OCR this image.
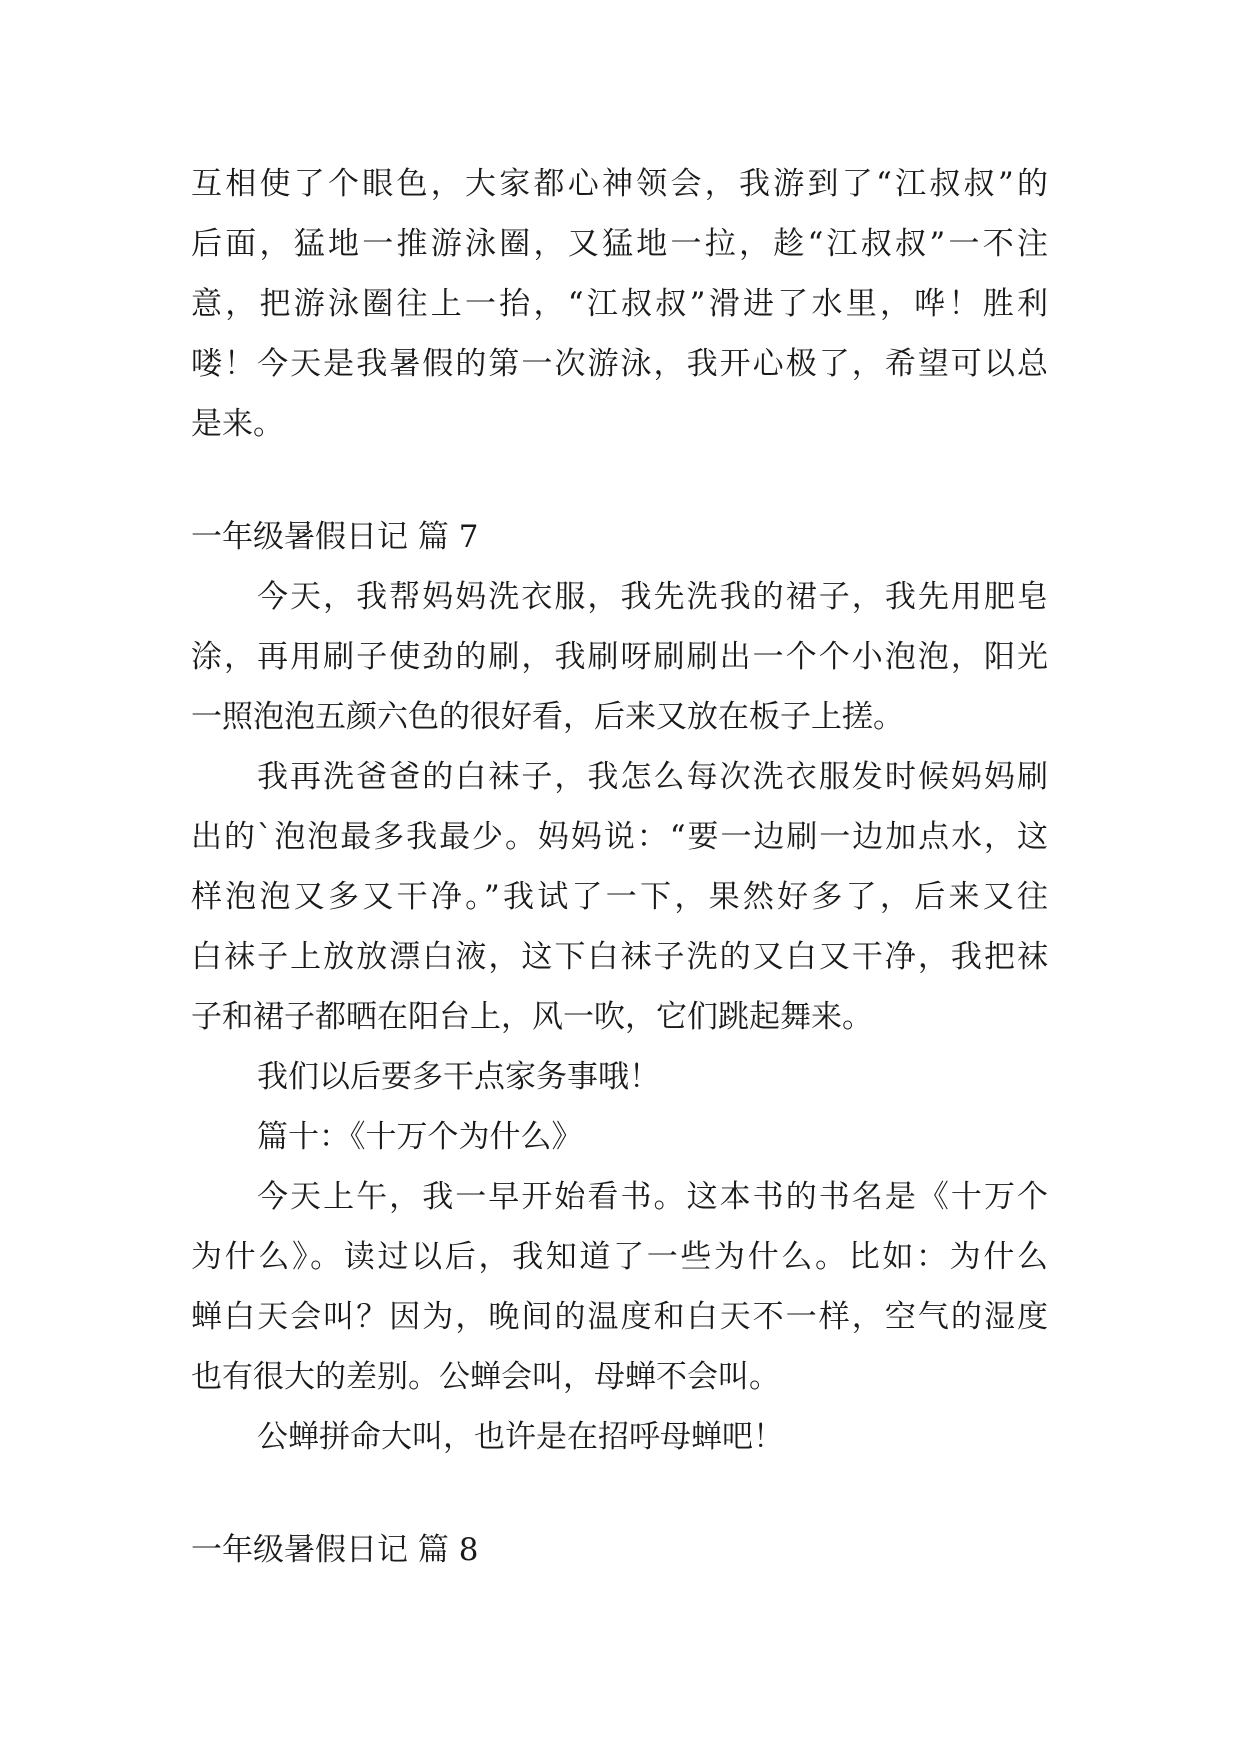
互相使了个眼色，大家都心神领会，我游到了“江叔叔”的
后面，猛地一推游泳圈，又猛地一拉，趁“江叔叔”一不注
意，把游泳圈往上一抬，“江叔叔”滑进了水里，哗！胜利
喽！今天是我暑假的第一次游泳，我开心极了，希望可以总
是来。
一年级暑假日记 篇 7
今天，我帮妈妈洗衣服，我先洗我的裙子，我先用肥皂
涂，再用刷子使劲的刷，我刷呀刷刷出一个个小泡泡，阳光
一照泡泡五颜六色的很好看，后来又放在板子上搓。
我再洗爸爸的白袜子，我怎么每次洗衣服发时候妈妈刷
出的`泡泡最多我最少。妈妈说：“要一边刷一边加点水，这
样泡泡又多又干净。”我试了一下，果然好多了，后来又往
白袜子上放放漂白液，这下白袜子洗的又白又干净，我把袜
子和裙子都晒在阳台上，风一吹，它们跳起舞来。
我们以后要多干点家务事哦！
篇十：《十万个为什么》
今天上午，我一早开始看书。这本书的书名是《十万个
为什么》。读过以后，我知道了一些为什么。比如：为什么
蝉白天会叫？因为，晚间的温度和白天不一样，空气的湿度
也有很大的差别。公蝉会叫，母蝉不会叫。
公蝉拼命大叫，也许是在招呼母蝉吧！
一年级暑假日记 篇 8
